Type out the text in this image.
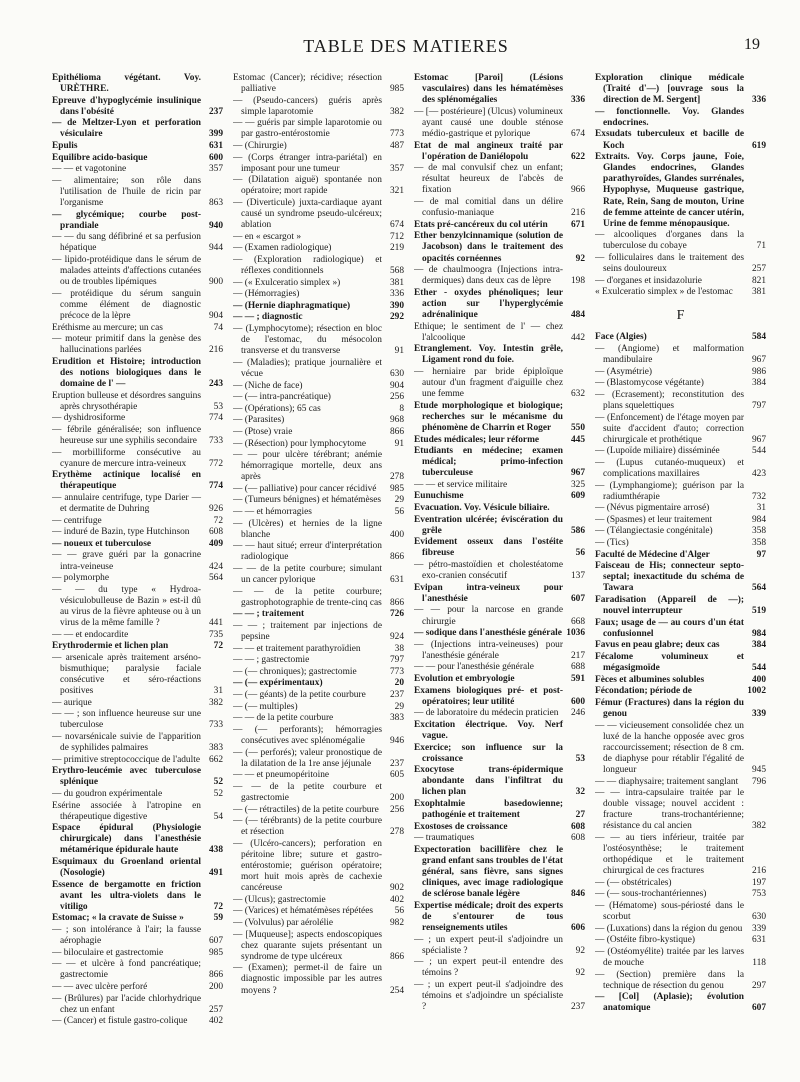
TABLE DES MATIERES	19
Epithélioma végétant. Voy. URÈTHRE.
Epreuve d'hypoglycémie insulinique dans l'obésité	237
— de Meltzer-Lyon et perforation vésiculaire	399
Epulis	631
Equilibre acido-basique	600
— — et vagotonine	357
— alimentaire; son rôle dans l'utilisation de l'huile de ricin par l'organisme	863
— glycémique; courbe post-prandiale	940
— — du sang défibriné et sa perfusion hépatique	944
— lipido-protéidique dans le sérum de malades atteints d'affections cutanées ou de troubles lipémiques	900
— protéidique du sérum sanguin comme élément de diagnostic précoce de la lèpre	904
Eréthisme au mercure; un cas	74
— moteur primitif dans la genèse des hallucinations parlées	216
Erudition et Histoire; introduction des notions biologiques dans le domaine de l' —	243
Eruption bulleuse et désordres sanguins après chrysothérapie	53
— dyshidrosiforme	774
— fébrile généralisée; son influence heureuse sur une syphilis secondaire	733
— morbilliforme consécutive au cyanure de mercure intra-veineux	772
Erythème actinique localisé en thérapeutique	774
— annulaire centrifuge, type Darier — et dermatite de Duhring	926
— centrifuge	72
— induré de Bazin, type Hutchinson	608
— noueux et tuberculose	409
— — grave guéri par la gonacrine intra-veineuse	424
— polymorphe	564
— — du type « Hydroa-vésiculobulleuse de Bazin » est-il dû au virus de la fièvre aphteuse ou à un virus de la même famille ?	441
— — et endocardite	735
Erythrodermie et lichen plan	72
— arsenicale après traitement arséno-bismuthique; paralysie faciale consécutive et séro-réactions positives	31
— aurique	382
— — ; son influence heureuse sur une tuberculose	733
— novarsénicale suivie de l'apparition de syphilides palmaires	383
— primitive streptococcique de l'adulte 662
Erythro-leucémie avec tuberculose splénique	52
— du goudron expérimentale	52
Esérine associée à l'atropine en thérapeutique digestive	54
Espace épidural (Physiologie chirurgicale) dans l'anesthésie métamérique épidurale haute	438
Esquimaux du Groenland oriental (Nosologie)	491
Essence de bergamotte en friction avant les ultra-violets dans le vitiligo	72
Estomac; « la cravate de Suisse »	59
— ; son intolérance à l'air; la fausse aérophagie	607
— biloculaire et gastrectomie	985
— — et ulcère à fond pancréatique; gastrectomie	866
— — avec ulcère perforé	200
— (Brûlures) par l'acide chlorhydrique chez un enfant	257
— (Cancer) et fistule gastro-colique	402
Estomac (Cancer); récidive; résection palliative	985
— (Pseudo-cancers) guéris après simple laparotomie	382
— — guéris par simple laparotomie ou par gastro-entérostomie	773
— (Chirurgie)	487
— (Corps étranger intra-pariétal) en imposant pour une tumeur	357
— (Dilatation aiguë) spontanée non opératoire; mort rapide	321
— (Diverticule) juxta-cardiaque ayant causé un syndrome pseudo-ulcéreux; ablation	674
— en « escargot »	712
— (Examen radiologique)	219
— (Exploration radiologique) et réflexes conditionnels	568
— (« Exulceratio simplex »)	381
— (Hémorragies)	336
— (Hernie diaphragmatique)	390
— — ; diagnostic	292
— (Lymphocytome); résection en bloc de l'estomac, du mésocolon transverse et du transverse	91
— (Maladies); pratique journalière et vécue	630
— (Niche de face)	904
— (— intra-pancréatique)	256
— (Opérations); 65 cas	8
— (Parasites)	968
— (Ptose) vraie	866
— (Résection) pour lymphocytome	91
— — pour ulcère térébrant; anémie hémorragique mortelle, deux ans après	278
— (— palliative) pour cancer récidivé	985
— (Tumeurs bénignes) et hématémèses	29
— — et hémorragies	56
— (Ulcères) et hernies de la ligne blanche	400
— — haut situé; erreur d'interprétation radiologique	866
— — de la petite courbure; simulant un cancer pylorique	631
— — de la petite courbure; gastrophotographie de trente-cinq cas 866
— — ; traitement	726
— — ; traitement par injections de pepsine	924
— — et traitement parathyroïdien	38
— — ; gastrectomie	797
— (— chroniques); gastrectomie	773
— (— expérimentaux)	20
— (— géants) de la petite courbure	237
— (— multiples)	29
— — de la petite courbure	383
— (— perforants); hémorragies consécutives avec splénomégalie	946
— (— perforés); valeur pronostique de la dilatation de la 1re anse jéjunale	237
— — et pneumopéritoine	605
— — de la petite courbure et gastrectomie	200
— (— rétractiles) de la petite courbure	256
— (— térébrants) de la petite courbure et résection	278
— (Ulcéro-cancers); perforation en péritoine libre; suture et gastro-entérostomie; guérison opératoire; mort huit mois après de cachexie cancéreuse	902
— (Ulcus); gastrectomie	402
— (Varices) et hématémèses répétées	56
— (Volvulus) par aérolélie	982
— [Muqueuse]; aspects endoscopiques chez quarante sujets présentant un syndrome de type ulcéreux	866
— (Examen); permet-il de faire un diagnostic impossible par les autres moyens ?	254
Estomac [Paroi] (Lésions vasculaires) dans les hématémèses des splénomégalies	336
— [— postérieure] (Ulcus) volumineux ayant causé une double sténose médio-gastrique et pylorique	674
Etat de mal angineux traité par l'opération de Daniélopolu	622
— de mal convulsif chez un enfant; résultat heureux de l'abcès de fixation	966
— de mal comitial dans un délire confusio-maniaque	216
Etats pré-cancéreux du col utérin	671
Ether benzylcinnamique (solution de Jacobson) dans le traitement des opacités cornéennes	92
— de chaulmoogra (Injections intra-dermiques) dans deux cas de lèpre	198
Ether - oxydes phénoliques; leur action sur l'hyperglycémie adrénalinique	484
Ethique; le sentiment de l' — chez l'alcoolique	442
Etranglement. Voy. Intestin grêle, Ligament rond du foie.
— herniaire par bride épiploïque autour d'un fragment d'aiguille chez une femme	632
Etude morphologique et biologique; recherches sur le mécanisme du phénomène de Charrin et Roger	550
Etudes médicales; leur réforme	445
Etudiants en médecine; examen médical; primo-infection tuberculeuse	967
— — et service militaire	325
Eunuchisme	609
Evacuation. Voy. Vésicule biliaire.
Eventration ulcérée; éviscération du grêle	586
Evidement osseux dans l'ostéite fibreuse	56
— pétro-mastoïdien et cholestéatome exo-cranien consécutif	137
Evipan intra-veineux pour l'anesthésie	607
— — pour la narcose en grande chirurgie	668
— sodique dans l'anesthésie générale 1036
— (Injections intra-veineuses) pour l'anesthésie générale	217
— — pour l'anesthésie générale	688
Evolution et embryologie	591
Examens biologiques pré- et post-opératoires; leur utilité	600
— de laboratoire du médecin praticien	246
Excitation électrique. Voy. Nerf vague.
Exercice; son influence sur la croissance	53
Exocytose trans-épidermique abondante dans l'infiltrat du lichen plan	32
Exophtalmie basedowienne; pathogénie et traitement	27
Exostoses de croissance	608
— traumatiques	608
Expectoration bacillifère chez le grand enfant sans troubles de l'état général, sans fièvre, sans signes cliniques, avec image radiologique de sclérose banale légère	846
Expertise médicale; droit des experts de s'entourer de tous renseignements utiles	606
— ; un expert peut-il s'adjoindre un spécialiste ?	92
— ; un expert peut-il entendre des témoins ?	92
— ; un expert peut-il s'adjoindre des témoins et s'adjoindre un spécialiste ?	237
Exploration clinique médicale (Traité d'—) [ouvrage sous la direction de M. Sergent]	336
— fonctionnelle. Voy. Glandes endocrines.
Exsudats tuberculeux et bacille de Koch	619
Extraits. Voy. Corps jaune, Foie, Glandes endocrines, Glandes parathyroïdes, Glandes surrénales, Hypophyse, Muqueuse gastrique, Rate, Rein, Sang de mouton, Urine de femme atteinte de cancer utérin, Urine de femme ménopausique.
— alcooliques d'organes dans la tuberculose du cobaye	71
— folliculaires dans le traitement des seins douloureux	257
— d'organes et insidazolurie	821
« Exulceratio simplex » de l'estomac	381
F
Face (Algies)	584
— (Angiome) et malformation mandibulaire	967
— (Asymétrie)	986
— (Blastomycose végétante)	384
— (Ecrasement); reconstitution des plans squelettiques	797
— (Enfoncement) de l'étage moyen par suite d'accident d'auto; correction chirurgicale et prothétique	967
— (Lupoïde miliaire) disséminée	544
— (Lupus cutanéo-muqueux) et complications maxillaires	423
— (Lymphangiome); guérison par la radiumthérapie	732
— (Névus pigmentaire arrosé)	31
— (Spasmes) et leur traitement	984
— (Télangiectasie congénitale)	358
— (Tics)	358
Faculté de Médecine d'Alger	97
Faisceau de His; connecteur septo-septal; inexactitude du schéma de Tawara	564
Faradisation (Appareil de —); nouvel interrupteur	519
Faux; usage de — au cours d'un état confusionnel	984
Favus en peau glabre; deux cas	384
Fécalome volumineux et mégasigmoïde	544
Fèces et albumines solubles	400
Fécondation; période de	1002
Fémur (Fractures) dans la région du genou	339
— — vicieusement consolidée chez un luxé de la hanche opposée avec gros raccourcissement; résection de 8 cm. de diaphyse pour rétablir l'égalité de longueur	945
— — diaphysaire; traitement sanglant	796
— — intra-capsulaire traitée par le double vissage; nouvel accident : fracture trans-trochantérienne; résistance du cal ancien	382
— — au tiers inférieur, traitée par l'ostéosynthèse; le traitement orthopédique et le traitement chirurgical de ces fractures	216
— (— obstétricales)	197
— (— sous-trochantériennes)	753
— (Hématome) sous-périosté dans le scorbut	630
— (Luxations) dans la région du genou	339
— (Ostéite fibro-kystique)	631
— (Ostéomyélite) traitée par les larves de mouche	118
— (Section) première dans la technique de résection du genou	297
— [Col] (Aplasie); évolution anatomique	607
